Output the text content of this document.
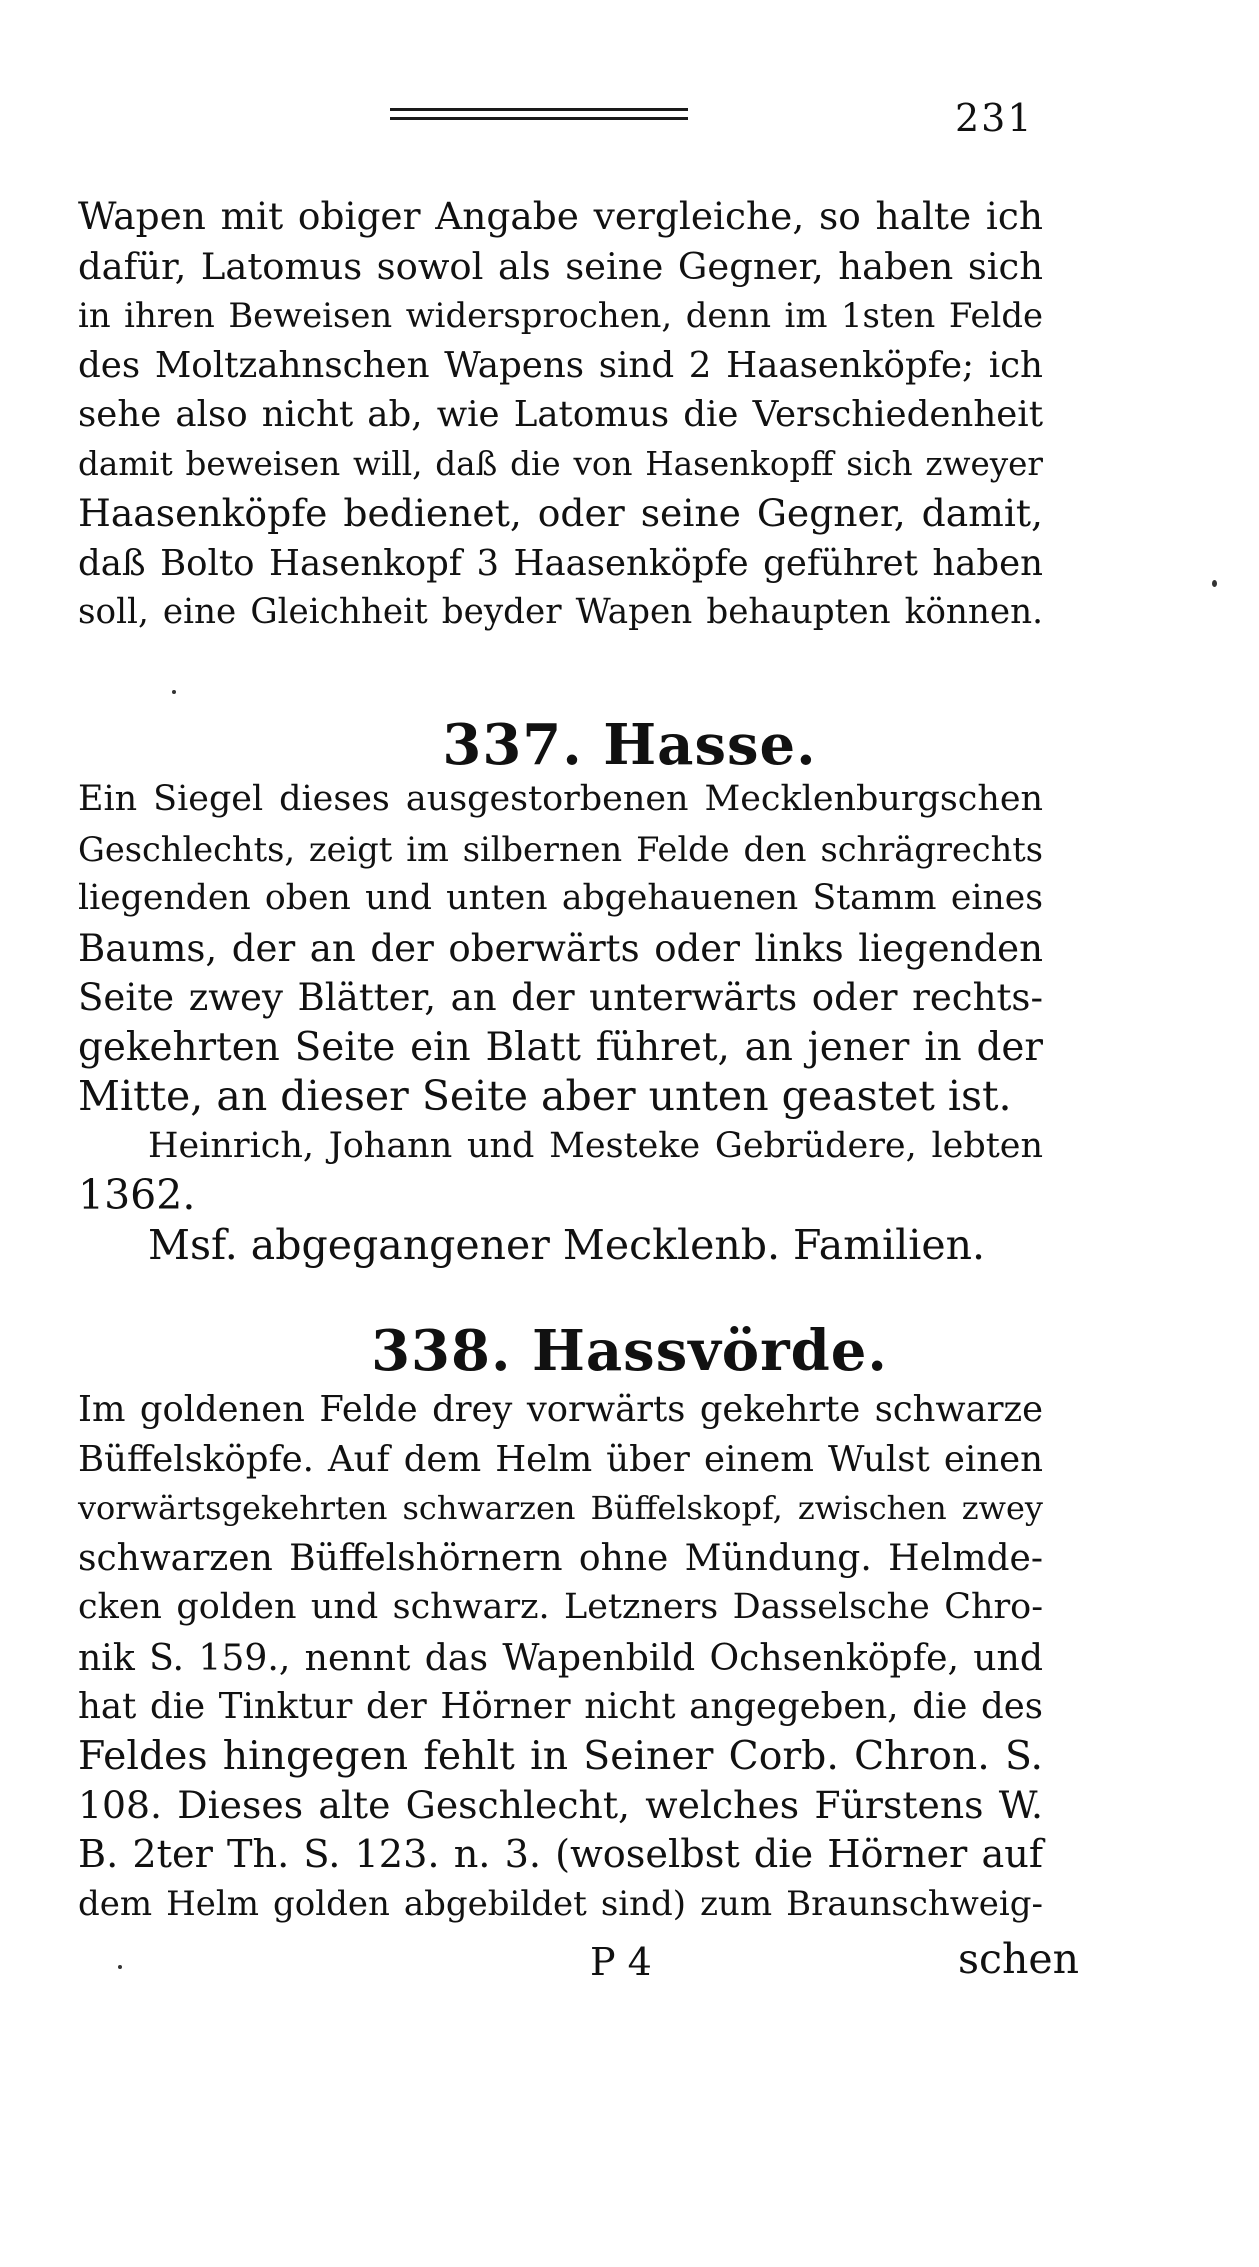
231
Wapen mit obiger Angabe vergleiche, so halte ich
dafür, Latomus sowol als seine Gegner, haben sich
in ihren Beweisen widersprochen, denn im 1sten Felde
des Moltzahnschen Wapens sind 2 Haasenköpfe; ich
sehe also nicht ab, wie Latomus die Verschiedenheit
damit beweisen will, daß die von Hasenkopff sich zweyer
Haasenköpfe bedienet, oder seine Gegner, damit,
daß Bolto Hasenkopf 3 Haasenköpfe geführet haben
soll, eine Gleichheit beyder Wapen behaupten können.
337. Hasse.
Ein Siegel dieses ausgestorbenen Mecklenburgschen
Geschlechts, zeigt im silbernen Felde den schrägrechts
liegenden oben und unten abgehauenen Stamm eines
Baums, der an der oberwärts oder links liegenden
Seite zwey Blätter, an der unterwärts oder rechts-
gekehrten Seite ein Blatt führet, an jener in der
Mitte, an dieser Seite aber unten geastet ist.
Heinrich, Johann und Mesteke Gebrüdere, lebten
1362.
Msf. abgegangener Mecklenb. Familien.
338. Hassvörde.
Im goldenen Felde drey vorwärts gekehrte schwarze
Büffelsköpfe. Auf dem Helm über einem Wulst einen
vorwärtsgekehrten schwarzen Büffelskopf, zwischen zwey
schwarzen Büffelshörnern ohne Mündung. Helmde-
cken golden und schwarz. Letzners Dasselsche Chro-
nik S. 159., nennt das Wapenbild Ochsenköpfe, und
hat die Tinktur der Hörner nicht angegeben, die des
Feldes hingegen fehlt in Seiner Corb. Chron. S.
108. Dieses alte Geschlecht, welches Fürstens W.
B. 2ter Th. S. 123. n. 3. (woselbst die Hörner auf
dem Helm golden abgebildet sind) zum Braunschweig-
P 4	schen
